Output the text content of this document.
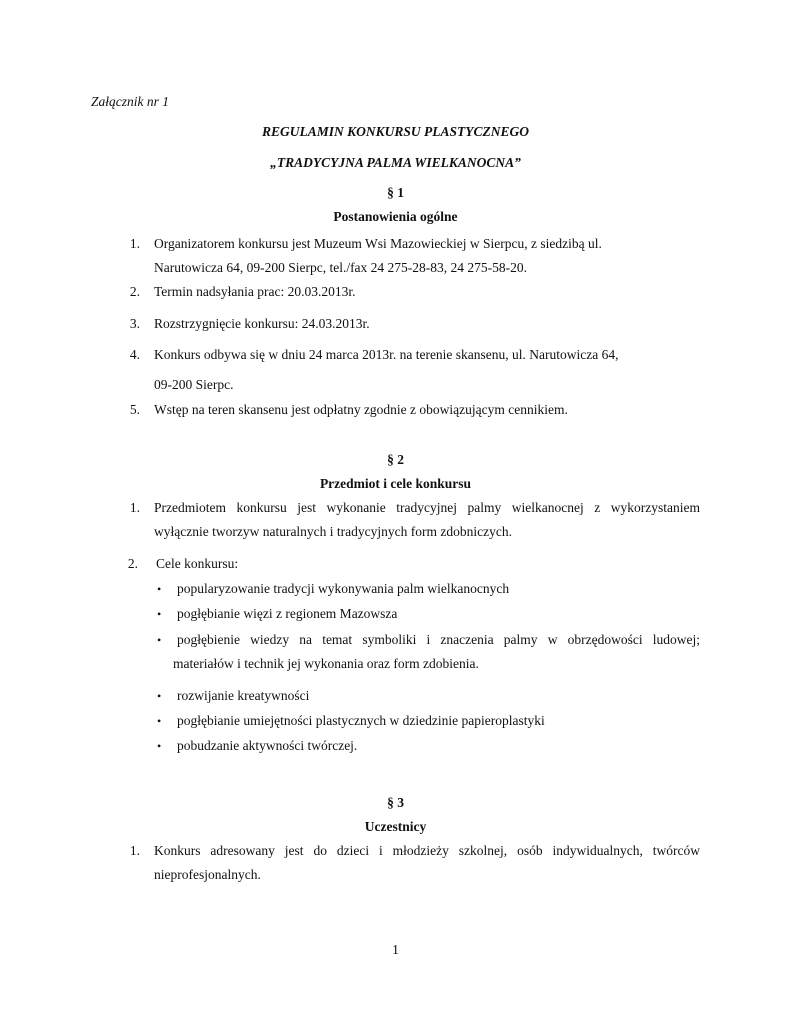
Załącznik nr 1
REGULAMIN KONKURSU PLASTYCZNEGO
„TRADYCYJNA PALMA WIELKANOCNA”
§ 1
Postanowienia ogólne
1. Organizatorem konkursu jest Muzeum Wsi Mazowieckiej w Sierpcu, z siedzibą ul.
Narutowicza 64, 09-200 Sierpc, tel./fax 24 275-28-83, 24 275-58-20.
2. Termin nadsyłania prac: 20.03.2013r.
3. Rozstrzygnięcie konkursu: 24.03.2013r.
4. Konkurs odbywa się w dniu 24 marca 2013r. na terenie skansenu, ul. Narutowicza 64,
09-200 Sierpc.
5. Wstęp na teren skansenu jest odpłatny zgodnie z obowiązującym cennikiem.
§ 2
Przedmiot i cele konkursu
1. Przedmiotem konkursu jest wykonanie tradycyjnej palmy wielkanocnej z wykorzystaniem
wyłącznie tworzyw naturalnych i tradycyjnych form zdobniczych.
2. Cele konkursu:
• popularyzowanie tradycji wykonywania palm wielkanocnych
• pogłębianie więzi z regionem Mazowsza
• pogłębienie wiedzy na temat symboliki i znaczenia palmy w obrzędowości ludowej;
materiałów i technik jej wykonania oraz form zdobienia.
• rozwijanie kreatywności
• pogłębianie umiejętności plastycznych w dziedzinie papieroplastyki
• pobudzanie aktywności twórczej.
§ 3
Uczestnicy
1. Konkurs adresowany jest do dzieci i młodzieży szkolnej, osób indywidualnych, twórców
nieprofesjonalnych.
1
